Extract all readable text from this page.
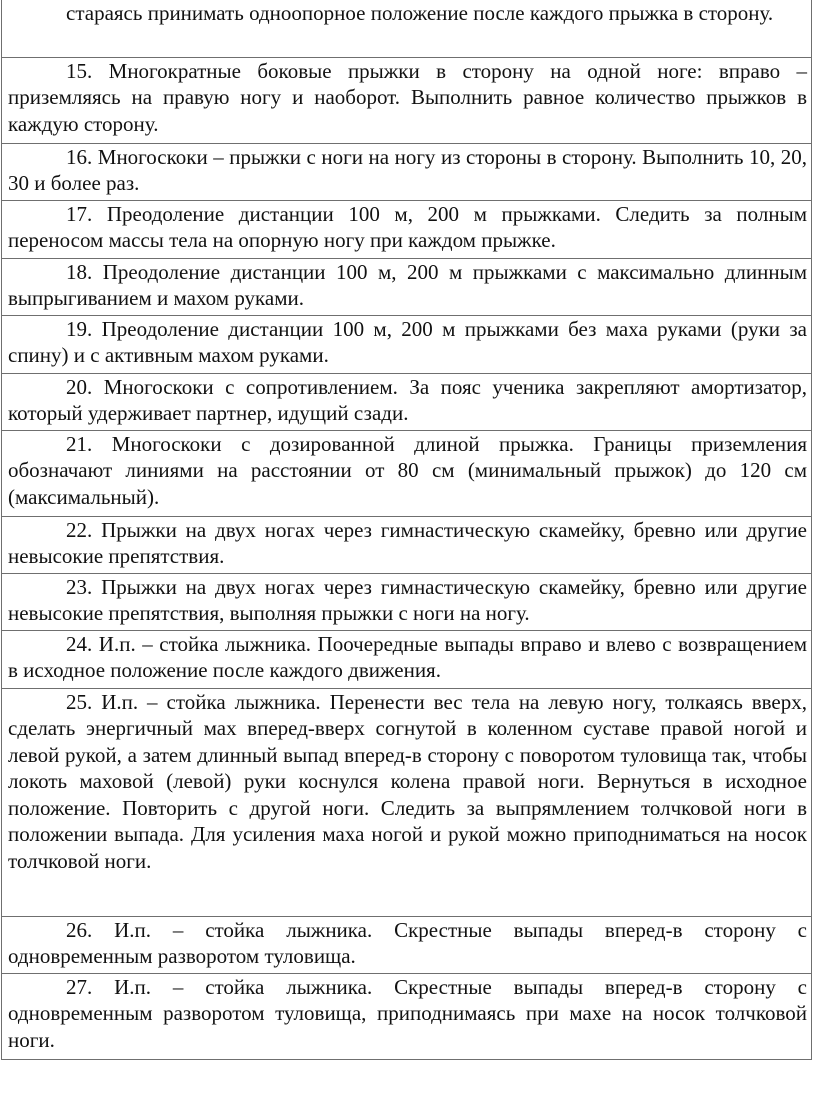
стараясь принимать одноопорное положение после каждого прыжка в сторону.
15. Многократные боковые прыжки в сторону на одной ноге: вправо – приземляясь на правую ногу и наоборот. Выполнить равное количество прыжков в каждую сторону.
16. Многоскоки – прыжки с ноги на ногу из стороны в сторону. Выполнить 10, 20, 30 и более раз.
17. Преодоление дистанции 100 м, 200 м прыжками. Следить за полным переносом массы тела на опорную ногу при каждом прыжке.
18. Преодоление дистанции 100 м, 200 м прыжками с максимально длинным выпрыгиванием и махом руками.
19. Преодоление дистанции 100 м, 200 м прыжками без маха руками (руки за спину) и с активным махом руками.
20. Многоскоки с сопротивлением. За пояс ученика закрепляют амортизатор, который удерживает партнер, идущий сзади.
21. Многоскоки с дозированной длиной прыжка. Границы приземления обозначают линиями на расстоянии от 80 см (минимальный прыжок) до 120 см (максимальный).
22. Прыжки на двух ногах через гимнастическую скамейку, бревно или другие невысокие препятствия.
23. Прыжки на двух ногах через гимнастическую скамейку, бревно или другие невысокие препятствия, выполняя прыжки с ноги на ногу.
24. И.п. – стойка лыжника. Поочередные выпады вправо и влево с возвращением в исходное положение после каждого движения.
25. И.п. – стойка лыжника. Перенести вес тела на левую ногу, толкаясь вверх, сделать энергичный мах вперед-вверх согнутой в коленном суставе правой ногой и левой рукой, а затем длинный выпад вперед-в сторону с поворотом туловища так, чтобы локоть маховой (левой) руки коснулся колена правой ноги. Вернуться в исходное положение. Повторить с другой ноги. Следить за выпрямлением толчковой ноги в положении выпада. Для усиления маха ногой и рукой можно приподниматься на носок толчковой ноги.
26. И.п. – стойка лыжника. Скрестные выпады вперед-в сторону с одновременным разворотом туловища.
27. И.п. – стойка лыжника. Скрестные выпады вперед-в сторону с одновременным разворотом туловища, приподнимаясь при махе на носок толчковой ноги.
